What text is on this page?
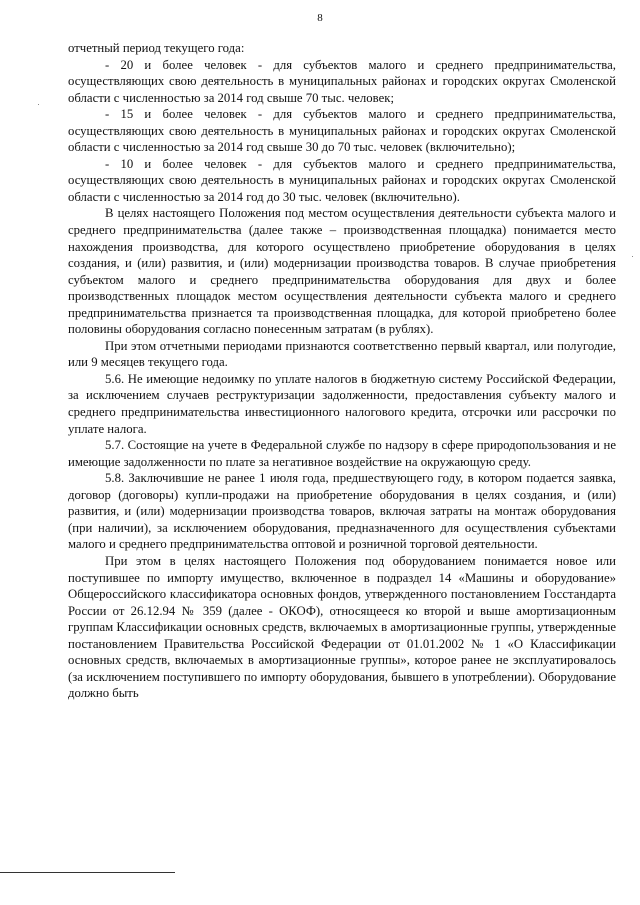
8

отчетный период текущего года:

- 20 и более человек - для субъектов малого и среднего предпринимательства, осуществляющих свою деятельность в муниципальных районах и городских округах Смоленской области с численностью за 2014 год свыше 70 тыс. человек;

- 15 и более человек - для субъектов малого и среднего предпринимательства, осуществляющих свою деятельность в муниципальных районах и городских округах Смоленской области с численностью за 2014 год свыше 30 до 70 тыс. человек (включительно);

- 10 и более человек - для субъектов малого и среднего предпринимательства, осуществляющих свою деятельность в муниципальных районах и городских округах Смоленской области с численностью за 2014 год до 30 тыс. человек (включительно).

В целях настоящего Положения под местом осуществления деятельности субъекта малого и среднего предпринимательства (далее также – производственная площадка) понимается место нахождения производства, для которого осуществлено приобретение оборудования в целях создания, и (или) развития, и (или) модернизации производства товаров. В случае приобретения субъектом малого и среднего предпринимательства оборудования для двух и более производственных площадок местом осуществления деятельности субъекта малого и среднего предпринимательства признается та производственная площадка, для которой приобретено более половины оборудования согласно понесенным затратам (в рублях).

При этом отчетными периодами признаются соответственно первый квартал, или полугодие, или 9 месяцев текущего года.

5.6. Не имеющие недоимку по уплате налогов в бюджетную систему Российской Федерации, за исключением случаев реструктуризации задолженности, предоставления субъекту малого и среднего предпринимательства инвестиционного налогового кредита, отсрочки или рассрочки по уплате налога.

5.7. Состоящие на учете в Федеральной службе по надзору в сфере природопользования и не имеющие задолженности по плате за негативное воздействие на окружающую среду.

5.8. Заключившие не ранее 1 июля года, предшествующего году, в котором подается заявка, договор (договоры) купли-продажи на приобретение оборудования в целях создания, и (или) развития, и (или) модернизации производства товаров, включая затраты на монтаж оборудования (при наличии), за исключением оборудования, предназначенного для осуществления субъектами малого и среднего предпринимательства оптовой и розничной торговой деятельности.

При этом в целях настоящего Положения под оборудованием понимается новое или поступившее по импорту имущество, включенное в подраздел 14 «Машины и оборудование» Общероссийского классификатора основных фондов, утвержденного постановлением Госстандарта России от 26.12.94 № 359 (далее - ОКОФ), относящееся ко второй и выше амортизационным группам Классификации основных средств, включаемых в амортизационные группы, утвержденные постановлением Правительства Российской Федерации от 01.01.2002 № 1 «О Классификации основных средств, включаемых в амортизационные группы», которое ранее не эксплуатировалось (за исключением поступившего по импорту оборудования, бывшего в употреблении). Оборудование должно быть
